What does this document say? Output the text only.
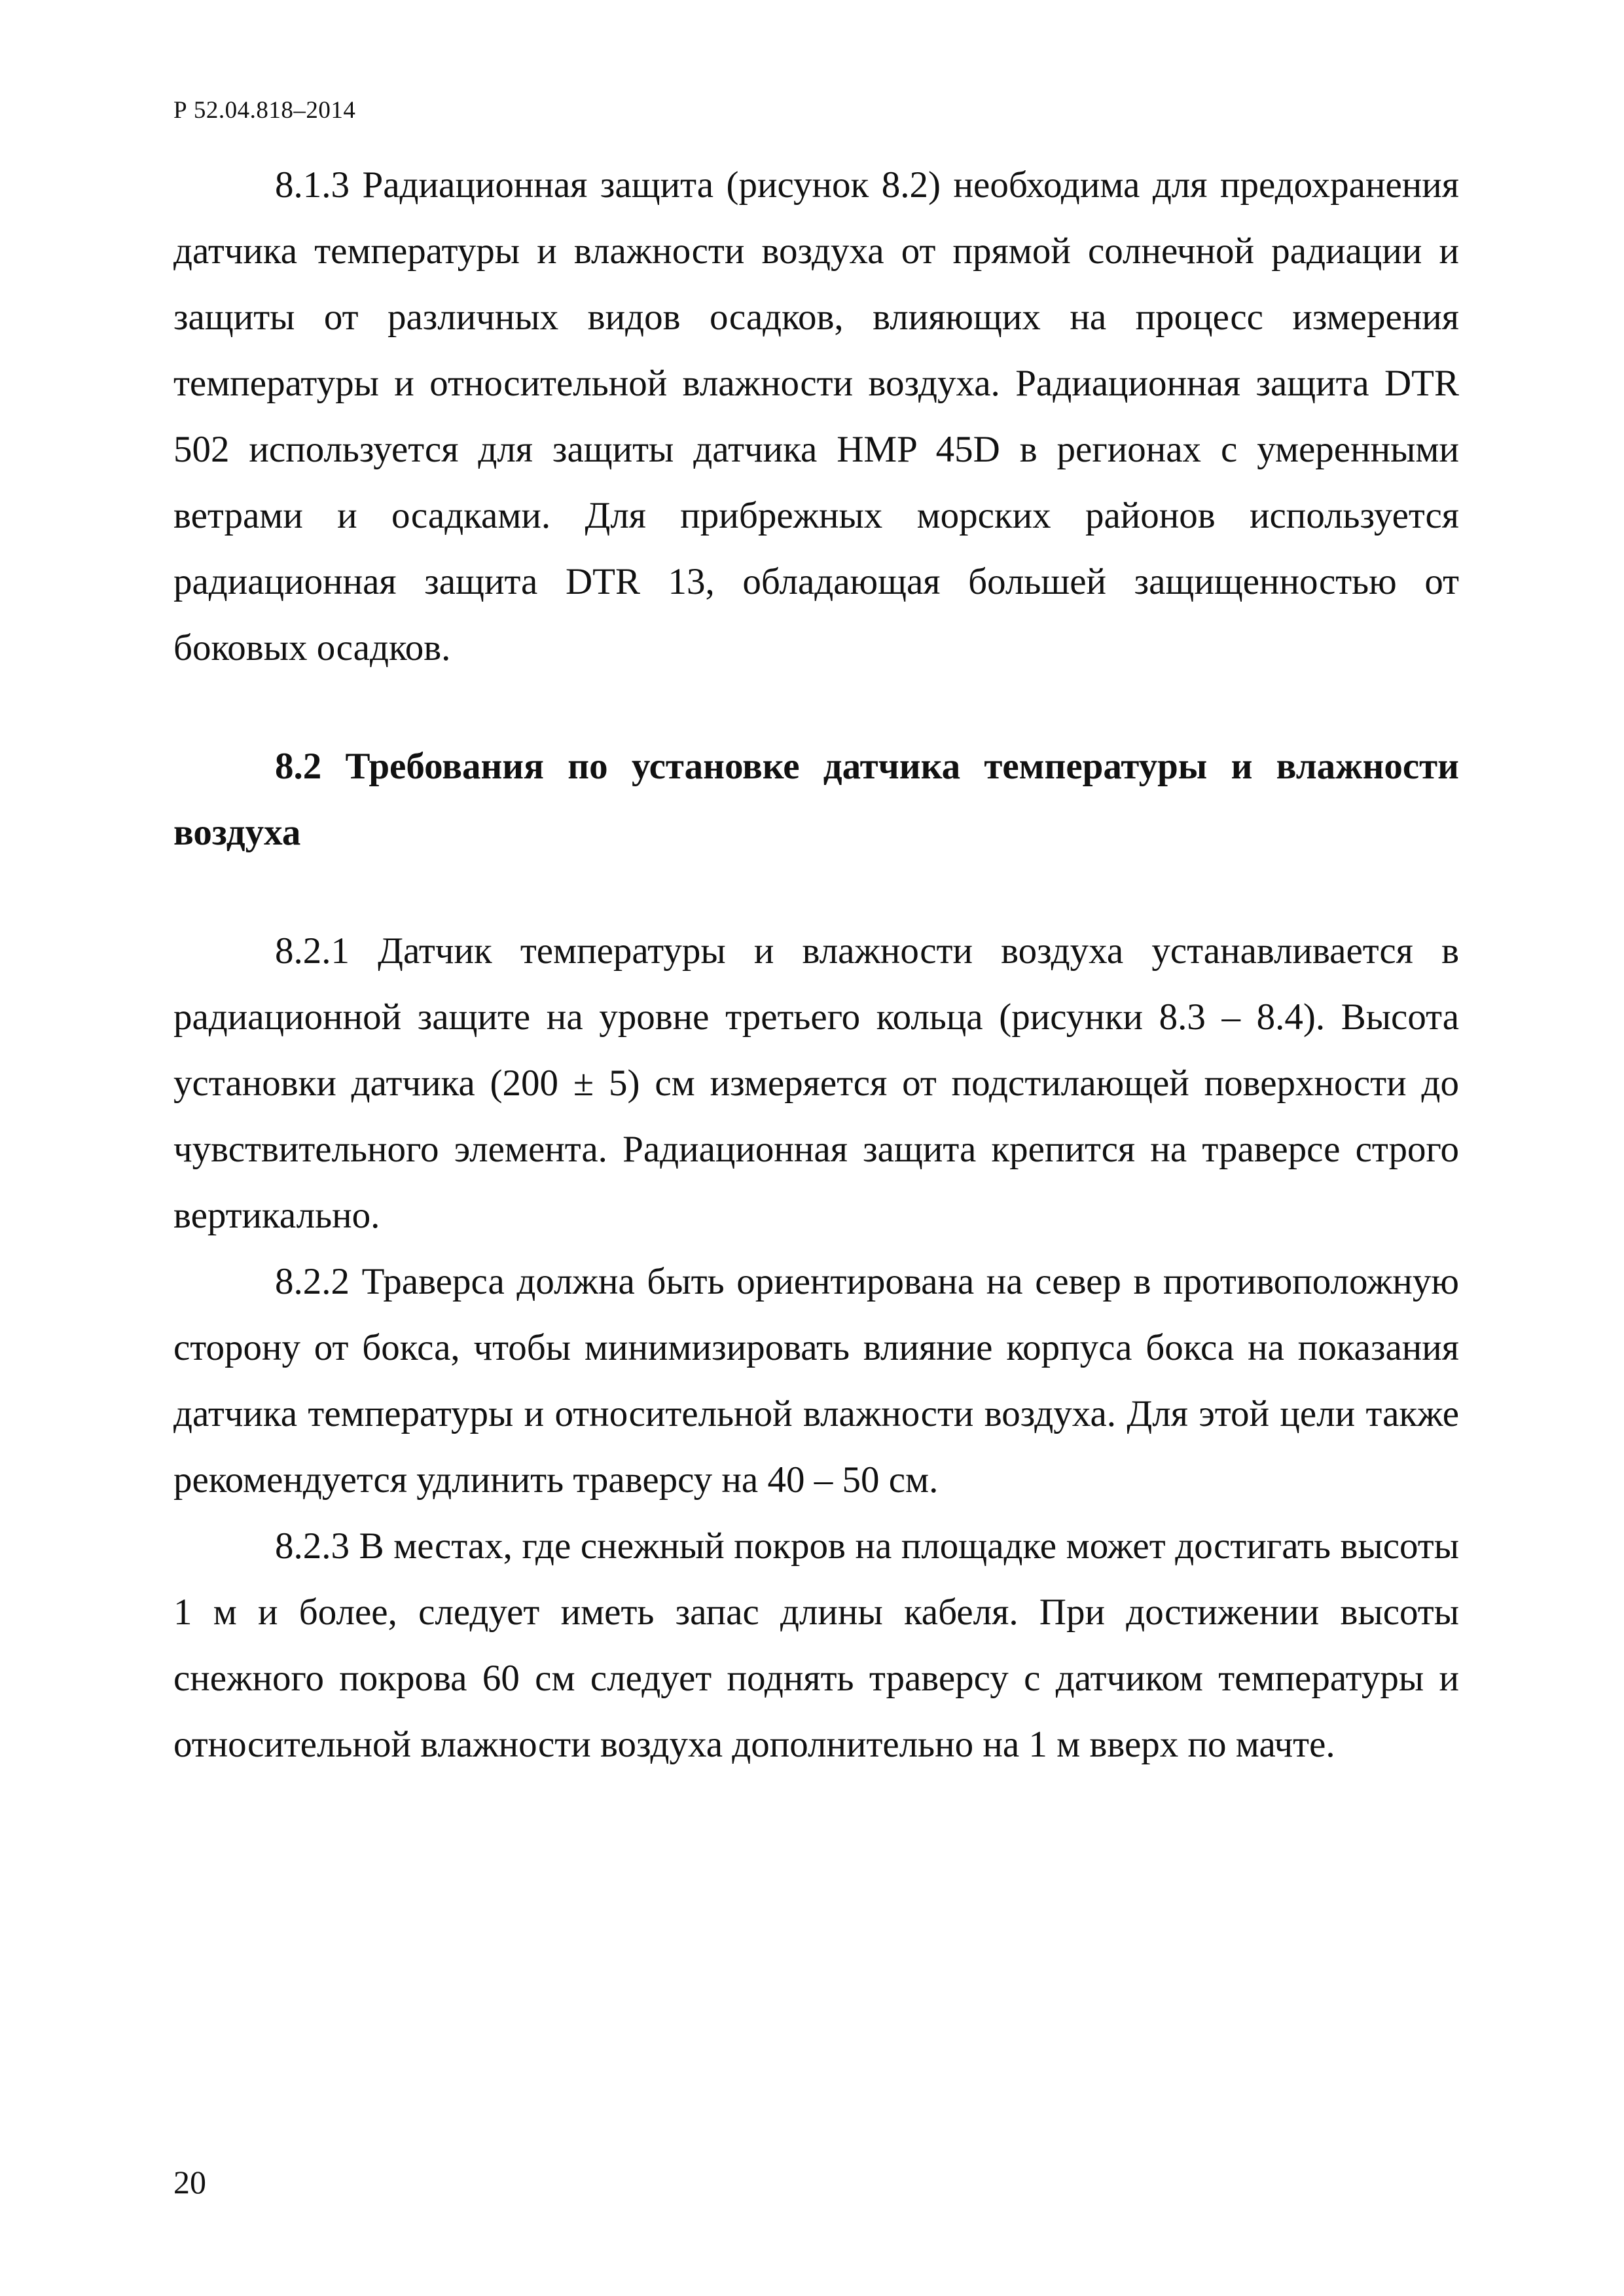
Р 52.04.818–2014

8.1.3 Радиационная защита (рисунок 8.2) необходима для предохранения датчика температуры и влажности воздуха от прямой солнечной радиации и защиты от различных видов осадков, влияющих на процесс измерения температуры и относительной влажности воздуха. Радиационная защита DTR 502 используется для защиты датчика HMP 45D в регионах с умеренными ветрами и осадками. Для прибрежных морских районов используется радиационная защита DTR 13, обладающая большей защищенностью от боковых осадков.

8.2 Требования по установке датчика температуры и влажности воздуха

8.2.1 Датчик температуры и влажности воздуха устанавливается в радиационной защите на уровне третьего кольца (рисунки 8.3 – 8.4). Высота установки датчика (200 ± 5) см измеряется от подстилающей поверхности до чувствительного элемента. Радиационная защита крепится на траверсе строго вертикально.

8.2.2 Траверса должна быть ориентирована на север в противоположную сторону от бокса, чтобы минимизировать влияние корпуса бокса на показания датчика температуры и относительной влажности воздуха. Для этой цели также рекомендуется удлинить траверсу на 40 – 50 см.

8.2.3 В местах, где снежный покров на площадке может достигать высоты 1 м и более, следует иметь запас длины кабеля. При достижении высоты снежного покрова 60 см следует поднять траверсу с датчиком температуры и относительной влажности воздуха дополнительно на 1 м вверх по мачте.

20
